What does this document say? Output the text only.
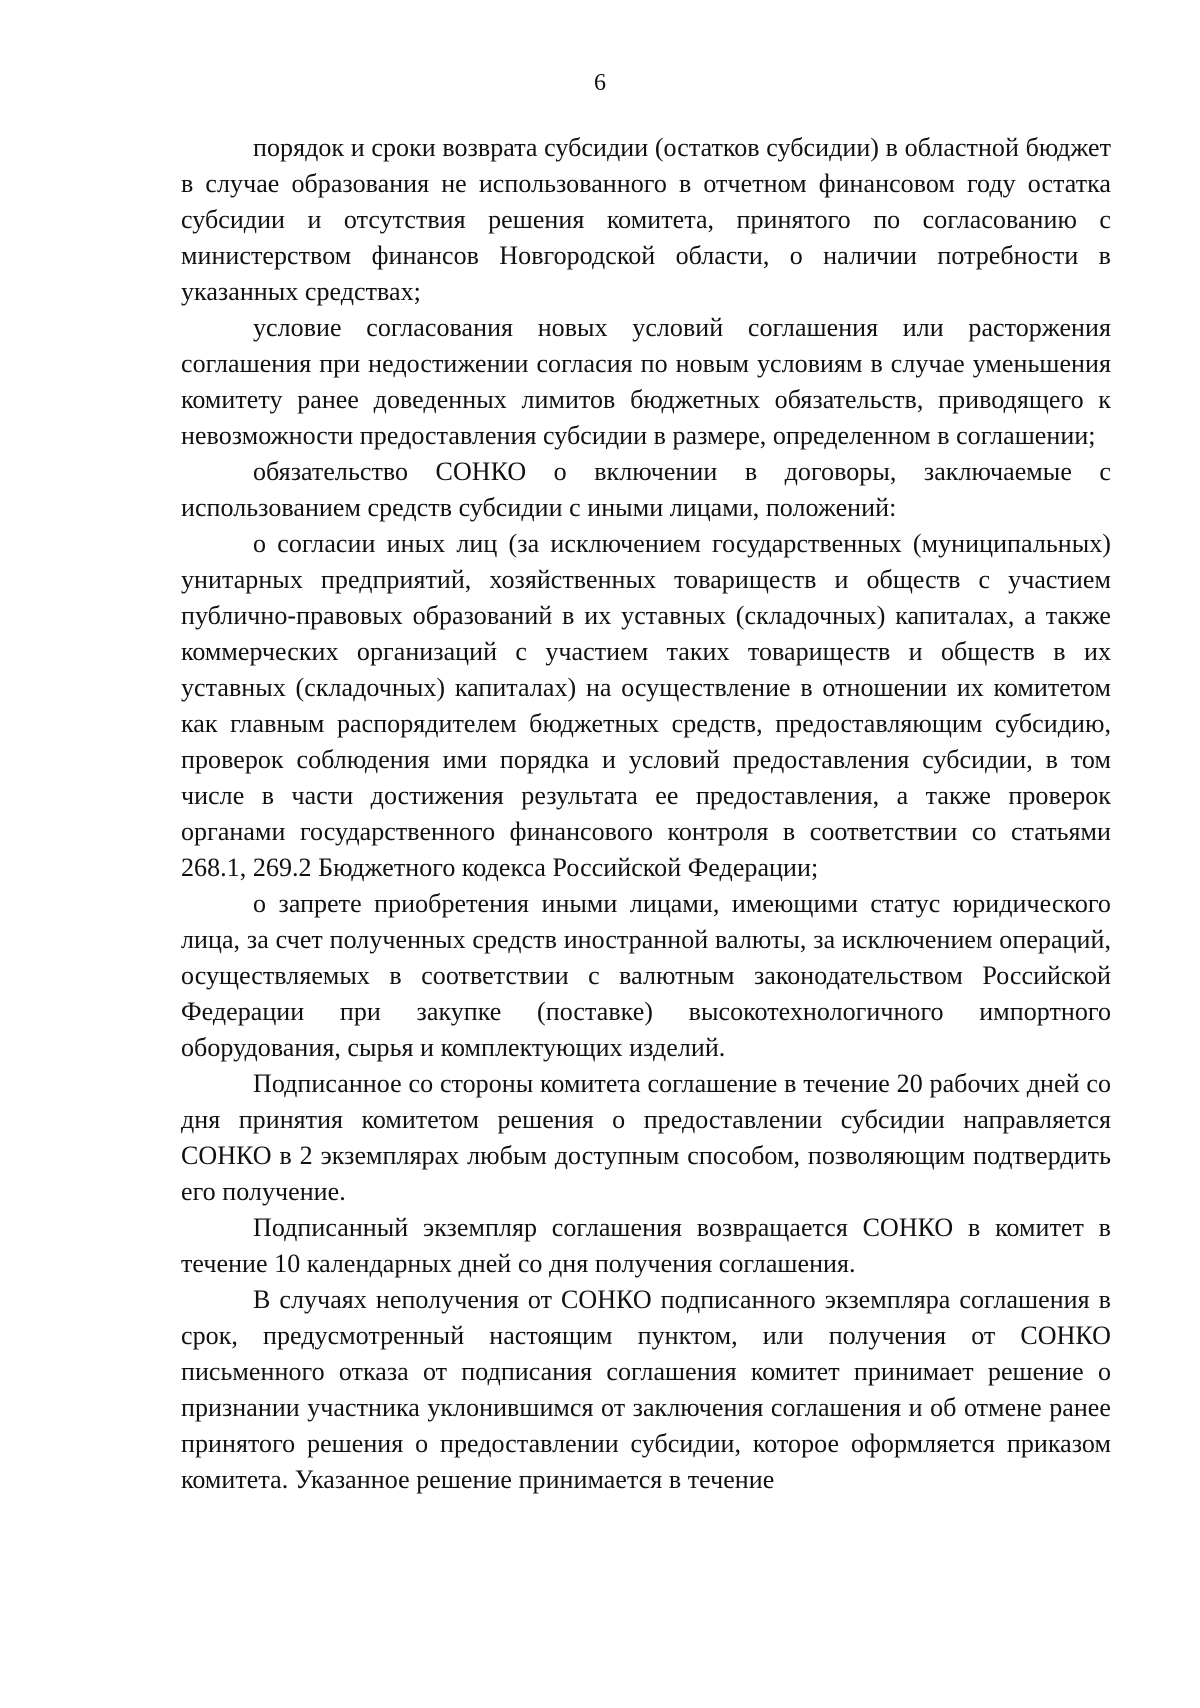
6

порядок и сроки возврата субсидии (остатков субсидии) в областной бюджет в случае образования не использованного в отчетном финансовом году остатка субсидии и отсутствия решения комитета, принятого по согласованию с министерством финансов Новгородской области, о наличии потребности в указанных средствах;

условие согласования новых условий соглашения или расторжения соглашения при недостижении согласия по новым условиям в случае уменьшения комитету ранее доведенных лимитов бюджетных обязательств, приводящего к невозможности предоставления субсидии в размере, определенном в соглашении;

обязательство СОНКО о включении в договоры, заключаемые с использованием средств субсидии с иными лицами, положений:

о согласии иных лиц (за исключением государственных (муниципальных) унитарных предприятий, хозяйственных товариществ и обществ с участием публично-правовых образований в их уставных (складочных) капиталах, а также коммерческих организаций с участием таких товариществ и обществ в их уставных (складочных) капиталах) на осуществление в отношении их комитетом как главным распорядителем бюджетных средств, предоставляющим субсидию, проверок соблюдения ими порядка и условий предоставления субсидии, в том числе в части достижения результата ее предоставления, а также проверок органами государственного финансового контроля в соответствии со статьями 268.1, 269.2 Бюджетного кодекса Российской Федерации;

о запрете приобретения иными лицами, имеющими статус юридического лица, за счет полученных средств иностранной валюты, за исключением операций, осуществляемых в соответствии с валютным законодательством Российской Федерации при закупке (поставке) высокотехнологичного импортного оборудования, сырья и комплектующих изделий.

Подписанное со стороны комитета соглашение в течение 20 рабочих дней со дня принятия комитетом решения о предоставлении субсидии направляется СОНКО в 2 экземплярах любым доступным способом, позволяющим подтвердить его получение.

Подписанный экземпляр соглашения возвращается СОНКО в комитет в течение 10 календарных дней со дня получения соглашения.

В случаях неполучения от СОНКО подписанного экземпляра соглашения в срок, предусмотренный настоящим пунктом, или получения от СОНКО письменного отказа от подписания соглашения комитет принимает решение о признании участника уклонившимся от заключения соглашения и об отмене ранее принятого решения о предоставлении субсидии, которое оформляется приказом комитета. Указанное решение принимается в течение
